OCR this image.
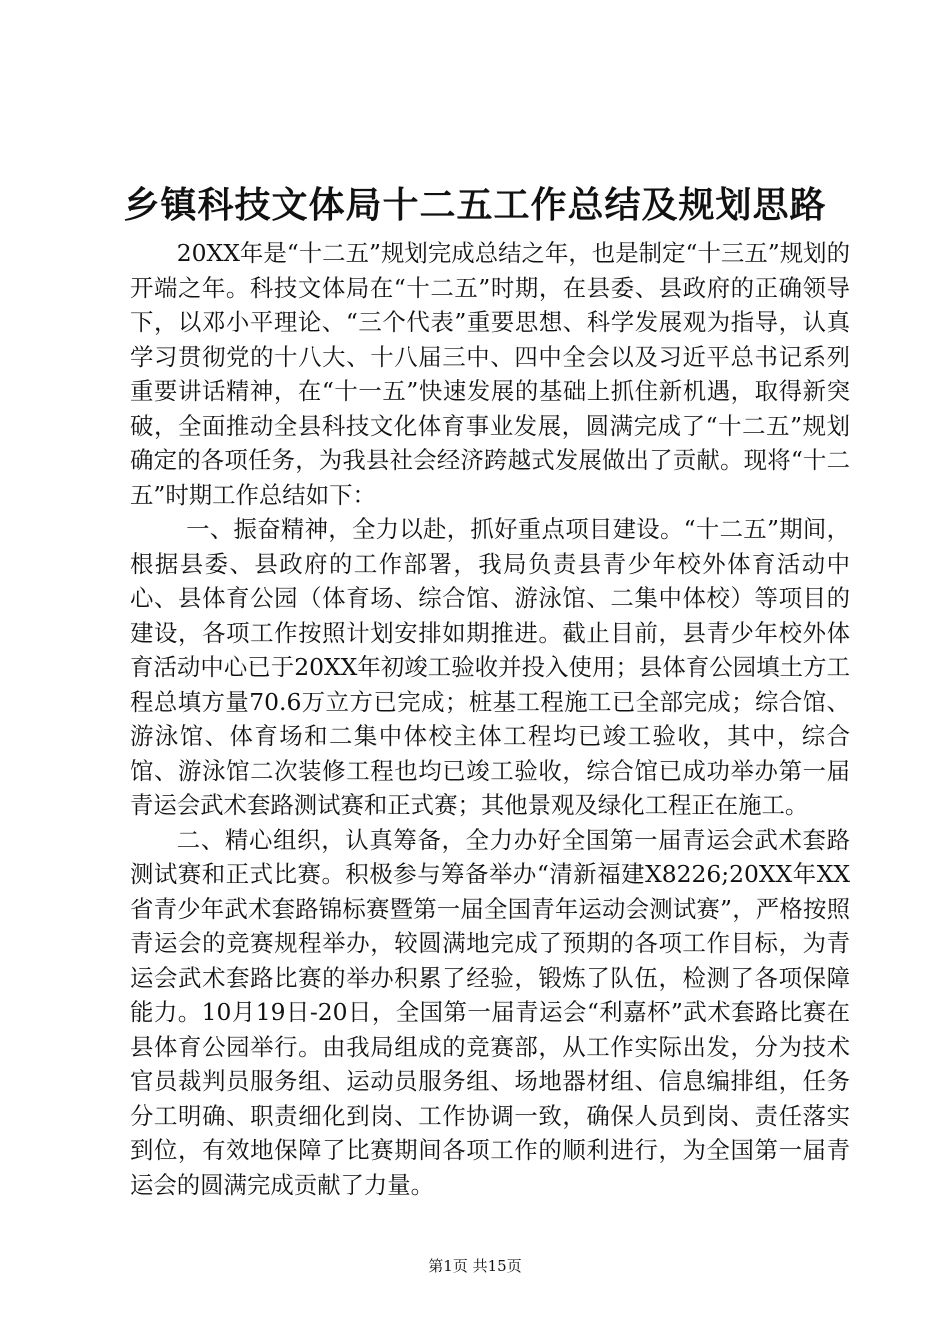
乡镇科技文体局十二五工作总结及规划思路

20XX年是“十二五”规划完成总结之年，也是制定“十三五”规划的开端之年。科技文体局在“十二五”时期，在县委、县政府的正确领导下，以邓小平理论、“三个代表”重要思想、科学发展观为指导，认真学习贯彻党的十八大、十八届三中、四中全会以及习近平总书记系列重要讲话精神，在“十一五”快速发展的基础上抓住新机遇，取得新突破，全面推动全县科技文化体育事业发展，圆满完成了“十二五”规划确定的各项任务，为我县社会经济跨越式发展做出了贡献。现将“十二五”时期工作总结如下：

一、振奋精神，全力以赴，抓好重点项目建设。“十二五”期间，根据县委、县政府的工作部署，我局负责县青少年校外体育活动中心、县体育公园（体育场、综合馆、游泳馆、二集中体校）等项目的建设，各项工作按照计划安排如期推进。截止目前，县青少年校外体育活动中心已于20XX年初竣工验收并投入使用；县体育公园填土方工程总填方量70.6万立方已完成；桩基工程施工已全部完成；综合馆、游泳馆、体育场和二集中体校主体工程均已竣工验收，其中，综合馆、游泳馆二次装修工程也均已竣工验收，综合馆已成功举办第一届青运会武术套路测试赛和正式赛；其他景观及绿化工程正在施工。

二、精心组织，认真筹备，全力办好全国第一届青运会武术套路测试赛和正式比赛。积极参与筹备举办“清新福建X8226;20XX年XX省青少年武术套路锦标赛暨第一届全国青年运动会测试赛”，严格按照青运会的竞赛规程举办，较圆满地完成了预期的各项工作目标，为青运会武术套路比赛的举办积累了经验，锻炼了队伍，检测了各项保障能力。10月19日-20日，全国第一届青运会“利嘉杯”武术套路比赛在县体育公园举行。由我局组成的竞赛部，从工作实际出发，分为技术官员裁判员服务组、运动员服务组、场地器材组、信息编排组，任务分工明确、职责细化到岗、工作协调一致，确保人员到岗、责任落实到位，有效地保障了比赛期间各项工作的顺利进行，为全国第一届青运会的圆满完成贡献了力量。

第1页 共15页
